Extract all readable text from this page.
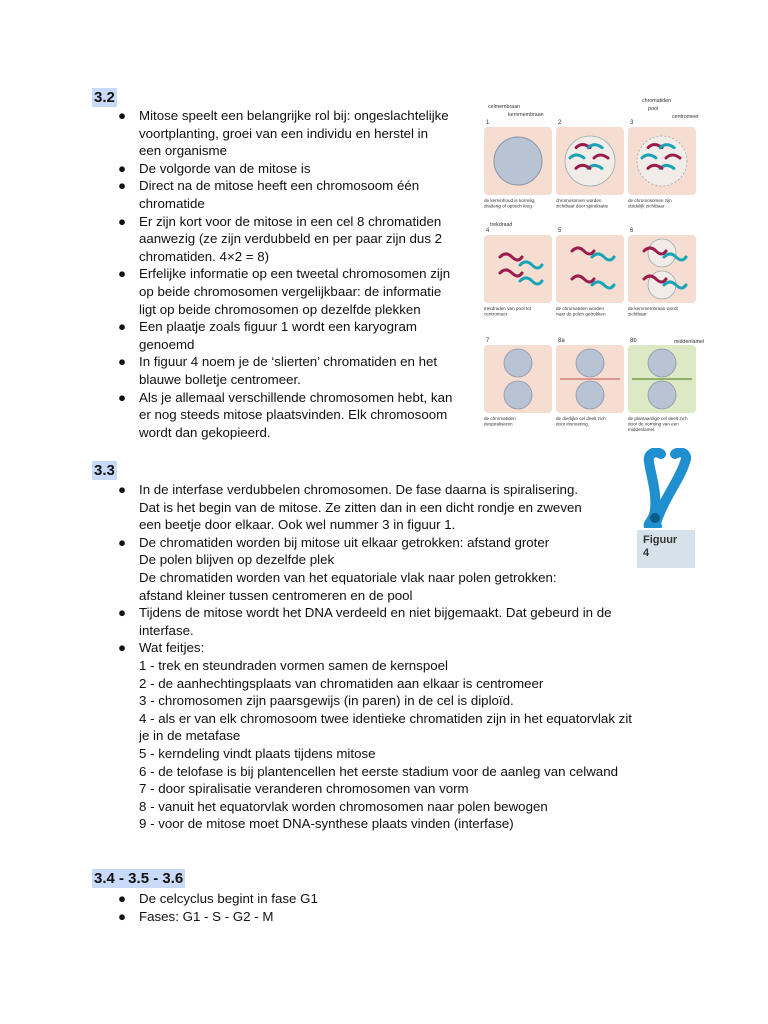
3.2
● Mitose speelt een belangrijke rol bij: ongeslachtelijke
voortplanting, groei van een individu en herstel in
een organisme
● De volgorde van de mitose is
● Direct na de mitose heeft een chromosoom één
chromatide
● Er zijn kort voor de mitose in een cel 8 chromatiden
aanwezig (ze zijn verdubbeld en per paar zijn dus 2
chromatiden. 4×2 = 8)
● Erfelijke informatie op een tweetal chromosomen zijn
op beide chromosomen vergelijkbaar: de informatie
ligt op beide chromosomen op dezelfde plekken
● Een plaatje zoals figuur 1 wordt een karyogram
genoemd
● In figuur 4 noem je de ‘slierten’ chromatiden en het
blauwe bolletje centromeer.
● Als je allemaal verschillende chromosomen hebt, kan
er nog steeds mitose plaatsvinden. Elk chromosoom
wordt dan gekopieerd.
1
de kerninhoud is korrelig,
draderig of optisch leeg
2
chromosomen worden
zichtbaar door spiralisatie
3
de chromosomen zijn
duidelijk zichtbaar
4
trekdraden van pool tot
centromeer
5
de chromatiden worden
naar de polen getrokken
6
de kernmembraan wordt
zichtbaar
7
de chromatiden
despiraliseren
8a
de dierlijke cel deelt zich
door insnoering.
8b
de plantaardige cel deelt zich
door de vorming van een
middenlamel.
celmembraan
kernmembraan
chromatiden
pool
centromeer
trekdraad
middenlamel
Figuur
4
3.3
● In de interfase verdubbelen chromosomen. De fase daarna is spiralisering.
Dat is het begin van de mitose. Ze zitten dan in een dicht rondje en zweven
een beetje door elkaar. Ook wel nummer 3 in figuur 1.
● De chromatiden worden bij mitose uit elkaar getrokken: afstand groter
De polen blijven op dezelfde plek
De chromatiden worden van het equatoriale vlak naar polen getrokken:
afstand kleiner tussen centromeren en de pool
● Tijdens de mitose wordt het DNA verdeeld en niet bijgemaakt. Dat gebeurd in de
interfase.
● Wat feitjes:
1 - trek en steundraden vormen samen de kernspoel
2 - de aanhechtingsplaats van chromatiden aan elkaar is centromeer
3 - chromosomen zijn paarsgewijs (in paren) in de cel is diploïd.
4 - als er van elk chromosoom twee identieke chromatiden zijn in het equatorvlak zit
je in de metafase
5 - kerndeling vindt plaats tijdens mitose
6 - de telofase is bij plantencellen het eerste stadium voor de aanleg van celwand
7 - door spiralisatie veranderen chromosomen van vorm
8 - vanuit het equatorvlak worden chromosomen naar polen bewogen
9 - voor de mitose moet DNA-synthese plaats vinden (interfase)
3.4 - 3.5 - 3.6
● De celcyclus begint in fase G1
● Fases: G1 - S - G2 - M
